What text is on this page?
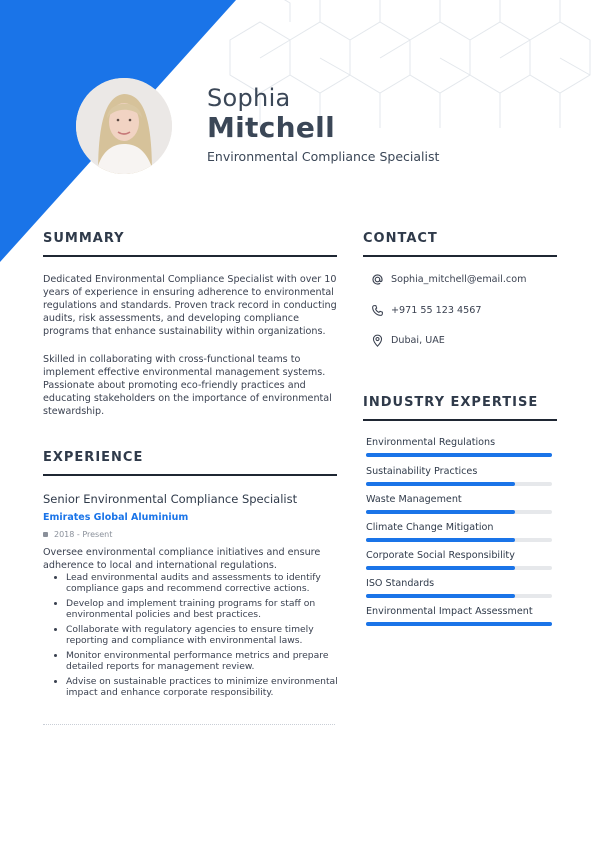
Sophia
Mitchell
Environmental Compliance Specialist
SUMMARY

Dedicated Environmental Compliance Specialist with over 10 years of experience in ensuring adherence to environmental regulations and standards. Proven track record in conducting audits, risk assessments, and developing compliance programs that enhance sustainability within organizations.

Skilled in collaborating with cross-functional teams to implement effective environmental management systems. Passionate about promoting eco-friendly practices and educating stakeholders on the importance of environmental stewardship.

CONTACT
Sophia_mitchell@email.com
+971 55 123 4567
Dubai, UAE
INDUSTRY EXPERTISE
Environmental Regulations
Sustainability Practices
Waste Management
Climate Change Mitigation
Corporate Social Responsibility
ISO Standards
Environmental Impact Assessment
EXPERIENCE
Senior Environmental Compliance Specialist
Emirates Global Aluminium
2018 - Present

Oversee environmental compliance initiatives and ensure adherence to local and international regulations.

• Lead environmental audits and assessments to identify compliance gaps and recommend corrective actions.
• Develop and implement training programs for staff on environmental policies and best practices.
• Collaborate with regulatory agencies to ensure timely reporting and compliance with environmental laws.
• Monitor environmental performance metrics and prepare detailed reports for management review.
• Advise on sustainable practices to minimize environmental impact and enhance corporate responsibility.
